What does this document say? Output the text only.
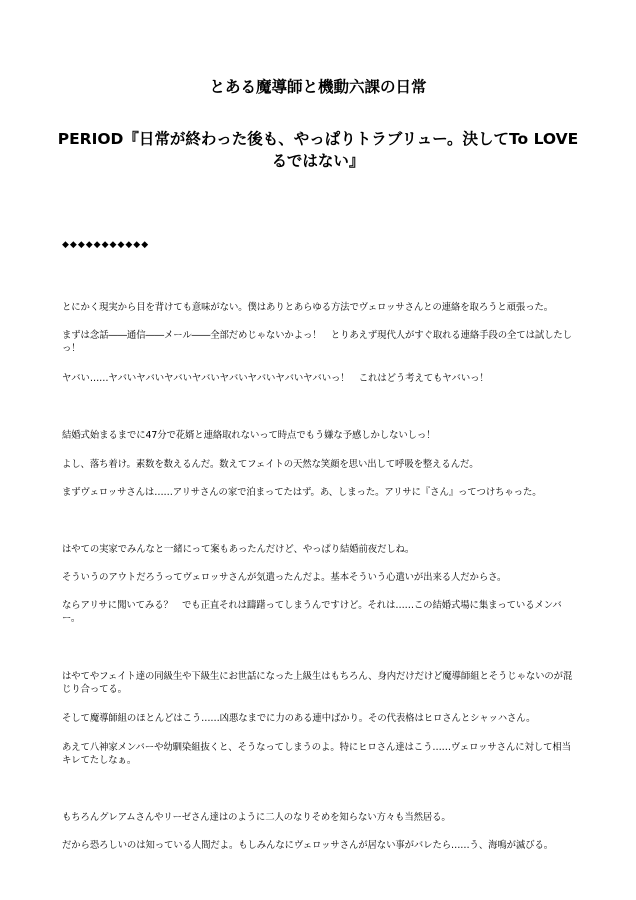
とある魔導師と機動六課の日常
PERIOD『日常が終わった後も、やっぱりトラブリュー。決してTo LOVEるではない』
◆◆◆◆◆◆◆◆◆◆◆

とにかく現実から目を背けても意味がない。僕はありとあらゆる方法でヴェロッサさんとの連絡を取ろうと頑張った。

まずは念話――通信――メール――全部だめじゃないかよっ！　とりあえず現代人がすぐ取れる連絡手段の全ては試したしっ！

ヤバい……ヤバいヤバいヤバいヤバいヤバいヤバいヤバいヤバいっ！　これはどう考えてもヤバいっ！

結婚式始まるまでに47分で花婿と連絡取れないって時点でもう嫌な予感しかしないしっ！

よし、落ち着け。素数を数えるんだ。数えてフェイトの天然な笑顔を思い出して呼吸を整えるんだ。

まずヴェロッサさんは……アリサさんの家で泊まってたはず。あ、しまった。アリサに『さん』ってつけちゃった。

はやての実家でみんなと一緒にって案もあったんだけど、やっぱり結婚前夜だしね。

そういうのアウトだろうってヴェロッサさんが気遣ったんだよ。基本そういう心遣いが出来る人だからさ。

ならアリサに聞いてみる？　でも正直それは躊躇ってしまうんですけど。それは……この結婚式場に集まっているメンバー。

はやてやフェイト達の同級生や下級生にお世話になった上級生はもちろん、身内だけだけど魔導師組とそうじゃないのが混じり合ってる。

そして魔導師組のほとんどはこう……凶悪なまでに力のある連中ばかり。その代表格はヒロさんとシャッハさん。

あえて八神家メンバーや幼馴染組抜くと、そうなってしまうのよ。特にヒロさん達はこう……ヴェロッサさんに対して相当キレてたしなぁ。

もちろんグレアムさんやリーゼさん達はのように二人のなりそめを知らない方々も当然居る。

だから恐ろしいのは知っている人間だよ。もしみんなにヴェロッサさんが居ない事がバレたら……う、海鳴が滅びる。
